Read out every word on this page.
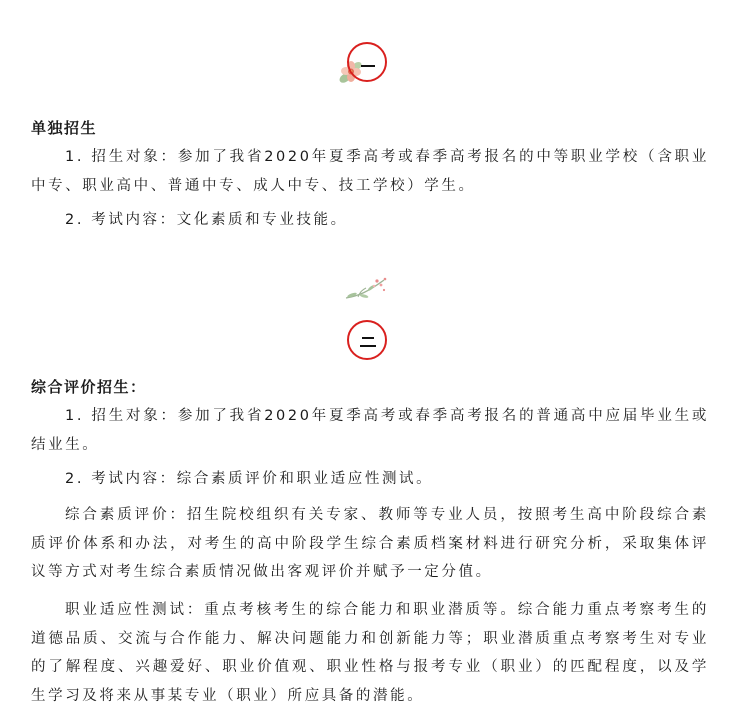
单独招生

1. 招生对象：参加了我省2020年夏季高考或春季高考报名的中等职业学校（含职业中专、职业高中、普通中专、成人中专、技工学校）学生。

2. 考试内容：文化素质和专业技能。

综合评价招生：

1. 招生对象：参加了我省2020年夏季高考或春季高考报名的普通高中应届毕业生或结业生。

2. 考试内容：综合素质评价和职业适应性测试。

综合素质评价：招生院校组织有关专家、教师等专业人员，按照考生高中阶段综合素质评价体系和办法，对考生的高中阶段学生综合素质档案材料进行研究分析，采取集体评议等方式对考生综合素质情况做出客观评价并赋予一定分值。

职业适应性测试：重点考核考生的综合能力和职业潜质等。综合能力重点考察考生的道德品质、交流与合作能力、解决问题能力和创新能力等；职业潜质重点考察考生对专业的了解程度、兴趣爱好、职业价值观、职业性格与报考专业（职业）的匹配程度，以及学生学习及将来从事某专业（职业）所应具备的潜能。
